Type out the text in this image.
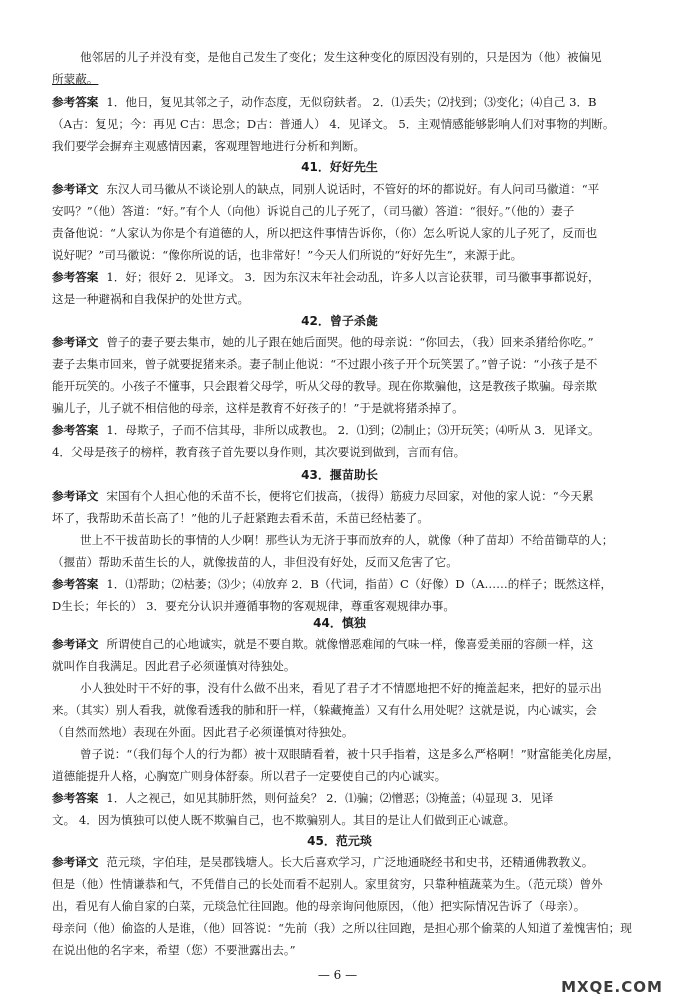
他邻居的儿子并没有变，是他自己发生了变化；发生这种变化的原因没有别的，只是因为（他）被偏见
所蒙蔽。
参考答案 1．他日，复见其邻之子，动作态度，无似窃鈇者。 2．⑴丢失；⑵找到；⑶变化；⑷自己 3．B
（A古：复见；今：再见 C古：思念；D古：普通人） 4．见译文。 5．主观情感能够影响人们对事物的判断。
我们要学会摒弃主观感情因素，客观理智地进行分析和判断。
41．好好先生
参考译文 东汉人司马徽从不谈论别人的缺点，同别人说话时，不管好的坏的都说好。有人问司马徽道：“平
安吗？”（他）答道：“好。”有个人（向他）诉说自己的儿子死了，（司马徽）答道：“很好。”（他的）妻子
责备他说：“人家认为你是个有道德的人，所以把这件事情告诉你，（你）怎么听说人家的儿子死了，反而也
说好呢？”司马徽说：“像你所说的话，也非常好！”今天人们所说的“好好先生”，来源于此。
参考答案 1．好；很好 2．见译文。 3．因为东汉末年社会动乱，许多人以言论获罪，司马徽事事都说好，
这是一种避祸和自我保护的处世方式。
42．曾子杀彘
参考译文 曾子的妻子要去集市，她的儿子跟在她后面哭。他的母亲说：“你回去，（我）回来杀猪给你吃。”
妻子去集市回来，曾子就要捉猪来杀。妻子制止他说：“不过跟小孩子开个玩笑罢了。”曾子说：“小孩子是不
能开玩笑的。小孩子不懂事，只会跟着父母学，听从父母的教导。现在你欺骗他，这是教孩子欺骗。母亲欺
骗儿子，儿子就不相信他的母亲，这样是教育不好孩子的！”于是就将猪杀掉了。
参考答案 1．母欺子，子而不信其母，非所以成教也。 2．⑴到；⑵制止；⑶开玩笑；⑷听从 3．见译文。
4．父母是孩子的榜样，教育孩子首先要以身作则，其次要说到做到，言而有信。
43．揠苗助长
参考译文 宋国有个人担心他的禾苗不长，便将它们拔高，（拔得）筋疲力尽回家，对他的家人说：“今天累
坏了，我帮助禾苗长高了！”他的儿子赶紧跑去看禾苗，禾苗已经枯萎了。
世上不干拔苗助长的事情的人少啊！那些认为无济于事而放弃的人，就像（种了苗却）不给苗锄草的人；
（揠苗）帮助禾苗生长的人，就像拔苗的人，非但没有好处，反而又危害了它。
参考答案 1．⑴帮助；⑵枯萎；⑶少；⑷放弃 2．B（代词，指苗）C（好像）D（A……的样子；既然这样，
D生长；年长的） 3．要充分认识并遵循事物的客观规律，尊重客观规律办事。
44．慎独
参考译文 所谓使自己的心地诚实，就是不要自欺。就像憎恶难闻的气味一样，像喜爱美丽的容颜一样，这
就叫作自我满足。因此君子必须谨慎对待独处。
小人独处时干不好的事，没有什么做不出来，看见了君子才不情愿地把不好的掩盖起来，把好的显示出
来。（其实）别人看我，就像看透我的肺和肝一样，（躲藏掩盖）又有什么用处呢？这就是说，内心诚实，会
（自然而然地）表现在外面。因此君子必须谨慎对待独处。
曾子说：“（我们每个人的行为都）被十双眼睛看着，被十只手指着，这是多么严格啊！”财富能美化房屋，
道德能提升人格，心胸宽广则身体舒泰。所以君子一定要使自己的内心诚实。
参考答案 1．人之视己，如见其肺肝然，则何益矣？ 2．⑴骗；⑵憎恶；⑶掩盖；⑷显现 3．见译
文。 4．因为慎独可以使人既不欺骗自己，也不欺骗别人。其目的是让人们做到正心诚意。
45．范元琰
参考译文 范元琰，字伯珪，是吴郡钱塘人。长大后喜欢学习，广泛地通晓经书和史书，还精通佛教教义。
但是（他）性情谦恭和气，不凭借自己的长处而看不起别人。家里贫穷，只靠种植蔬菜为生。（范元琰）曾外
出，看见有人偷自家的白菜，元琰急忙往回跑。他的母亲询问他原因，（他）把实际情况告诉了（母亲）。
母亲问（他）偷盗的人是谁，（他）回答说：“先前（我）之所以往回跑，是担心那个偷菜的人知道了羞愧害怕；现
在说出他的名字来，希望（您）不要泄露出去。”
— 6 —
MXQE.COM
